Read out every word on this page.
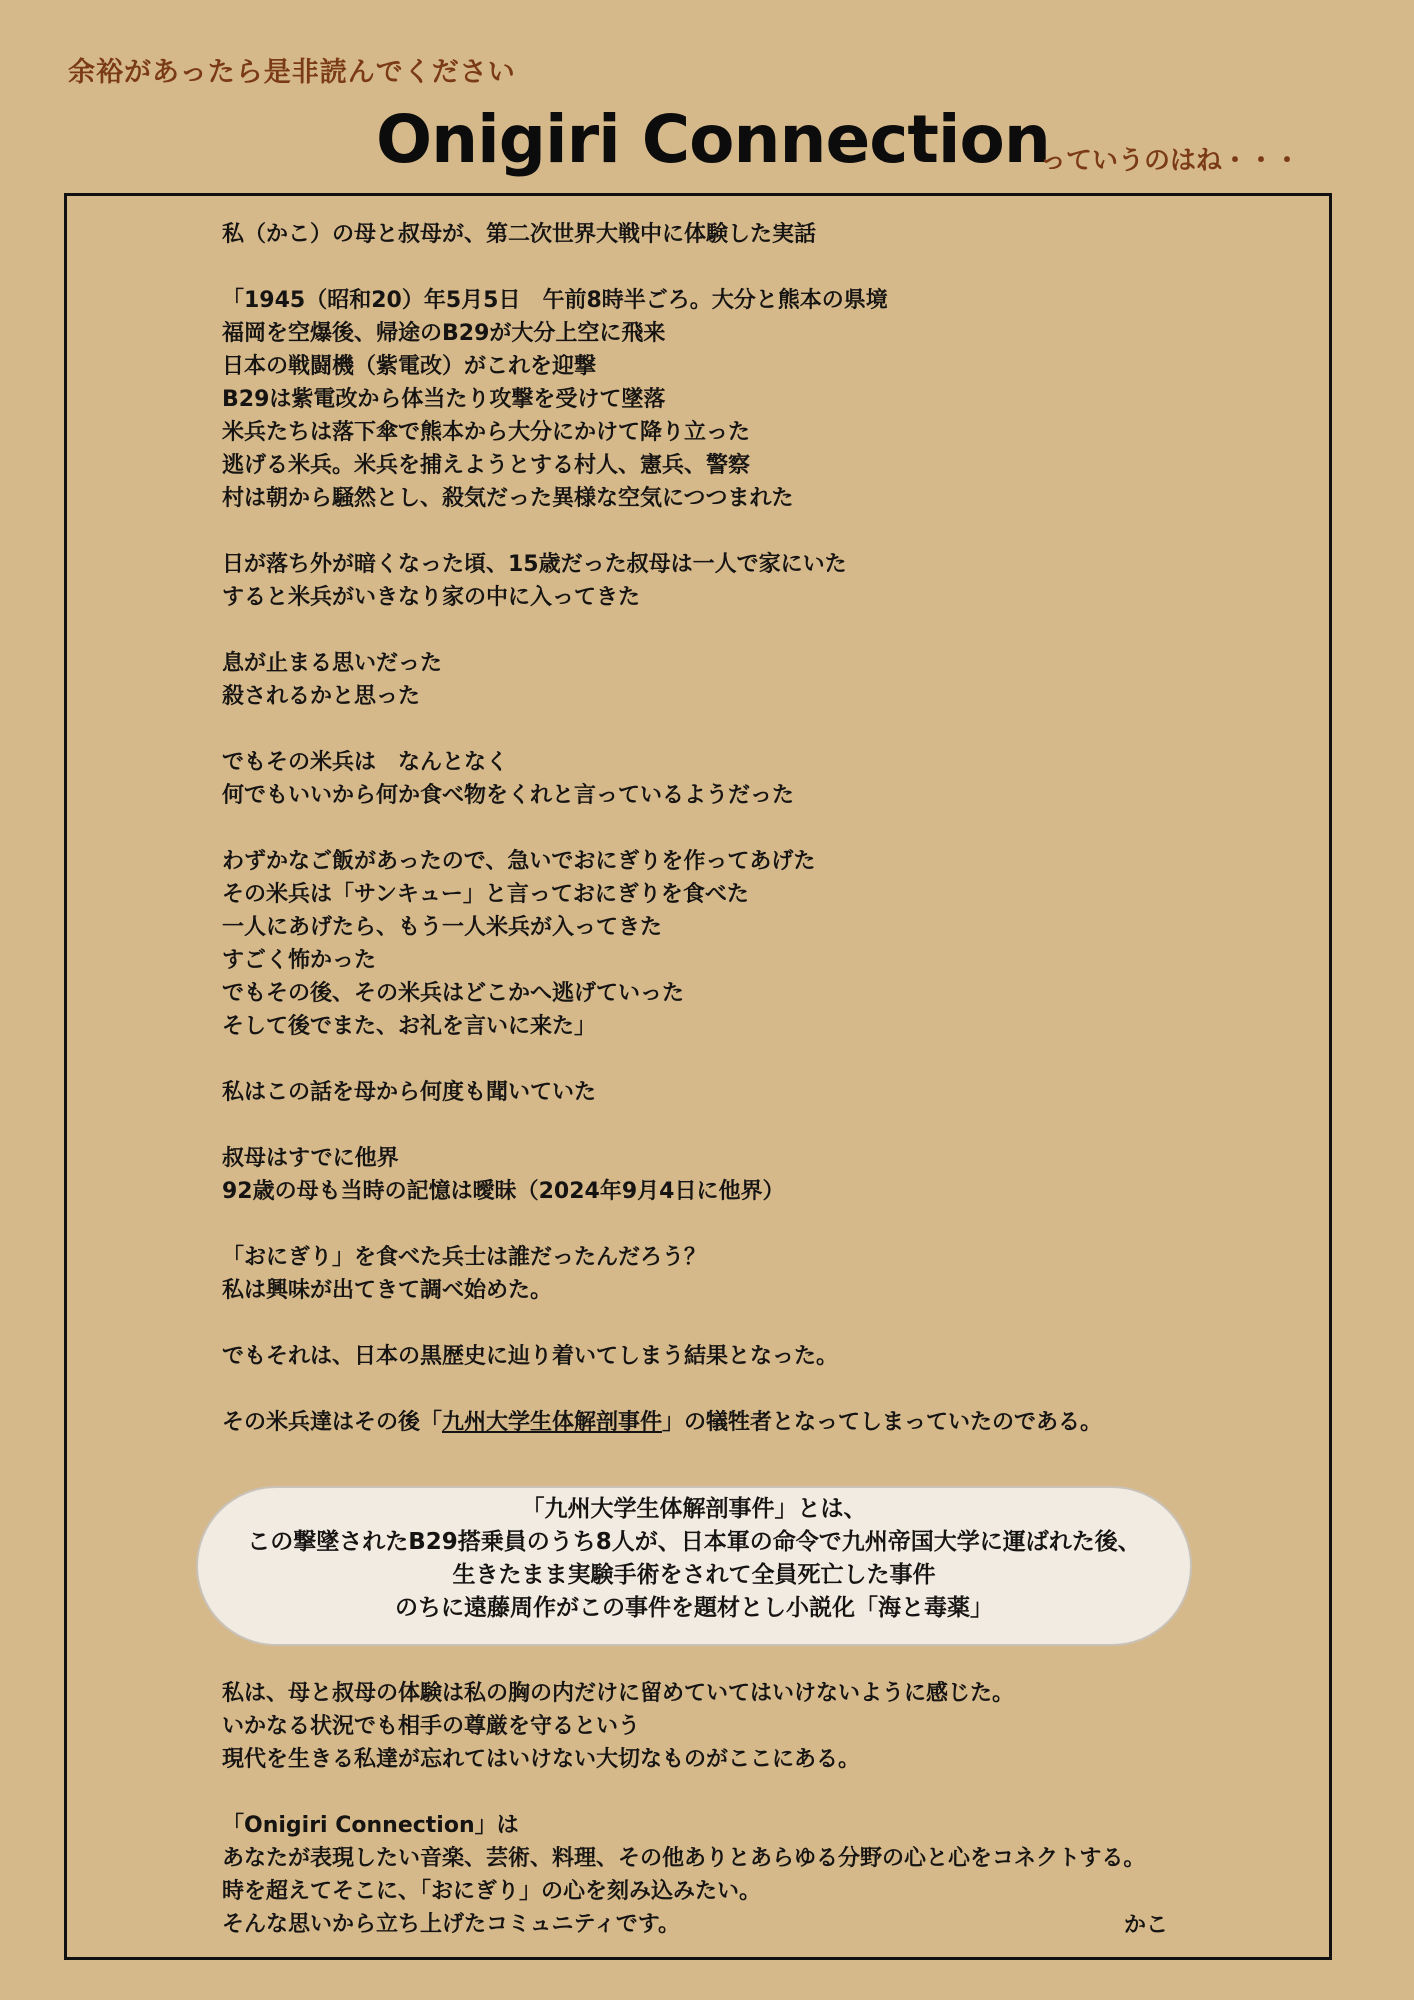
余裕があったら是非読んでください
Onigiri Connection
っていうのはね・・・
私（かこ）の母と叔母が、第二次世界大戦中に体験した実話
「1945（昭和20）年5月5日　午前8時半ごろ。大分と熊本の県境
福岡を空爆後、帰途のB29が大分上空に飛来
日本の戦闘機（紫電改）がこれを迎撃
B29は紫電改から体当たり攻撃を受けて墜落
米兵たちは落下傘で熊本から大分にかけて降り立った
逃げる米兵。米兵を捕えようとする村人、憲兵、警察
村は朝から騒然とし、殺気だった異様な空気につつまれた
日が落ち外が暗くなった頃、15歳だった叔母は一人で家にいた
すると米兵がいきなり家の中に入ってきた
息が止まる思いだった
殺されるかと思った
でもその米兵は　なんとなく
何でもいいから何か食べ物をくれと言っているようだった
わずかなご飯があったので、急いでおにぎりを作ってあげた
その米兵は「サンキュー」と言っておにぎりを食べた
一人にあげたら、もう一人米兵が入ってきた
すごく怖かった
でもその後、その米兵はどこかへ逃げていった
そして後でまた、お礼を言いに来た」
私はこの話を母から何度も聞いていた
叔母はすでに他界
92歳の母も当時の記憶は曖昧（2024年9月4日に他界）
「おにぎり」を食べた兵士は誰だったんだろう？
私は興味が出てきて調べ始めた。
でもそれは、日本の黒歴史に辿り着いてしまう結果となった。
その米兵達はその後「九州大学生体解剖事件」の犠牲者となってしまっていたのである。
「九州大学生体解剖事件」とは、
この撃墜されたB29搭乗員のうち8人が、日本軍の命令で九州帝国大学に運ばれた後、
生きたまま実験手術をされて全員死亡した事件
のちに遠藤周作がこの事件を題材とし小説化「海と毒薬」
私は、母と叔母の体験は私の胸の内だけに留めていてはいけないように感じた。
いかなる状況でも相手の尊厳を守るという
現代を生きる私達が忘れてはいけない大切なものがここにある。
「Onigiri Connection」は
あなたが表現したい音楽、芸術、料理、その他ありとあらゆる分野の心と心をコネクトする。
時を超えてそこに、「おにぎり」の心を刻み込みたい。
そんな思いから立ち上げたコミュニティです。	かこ
